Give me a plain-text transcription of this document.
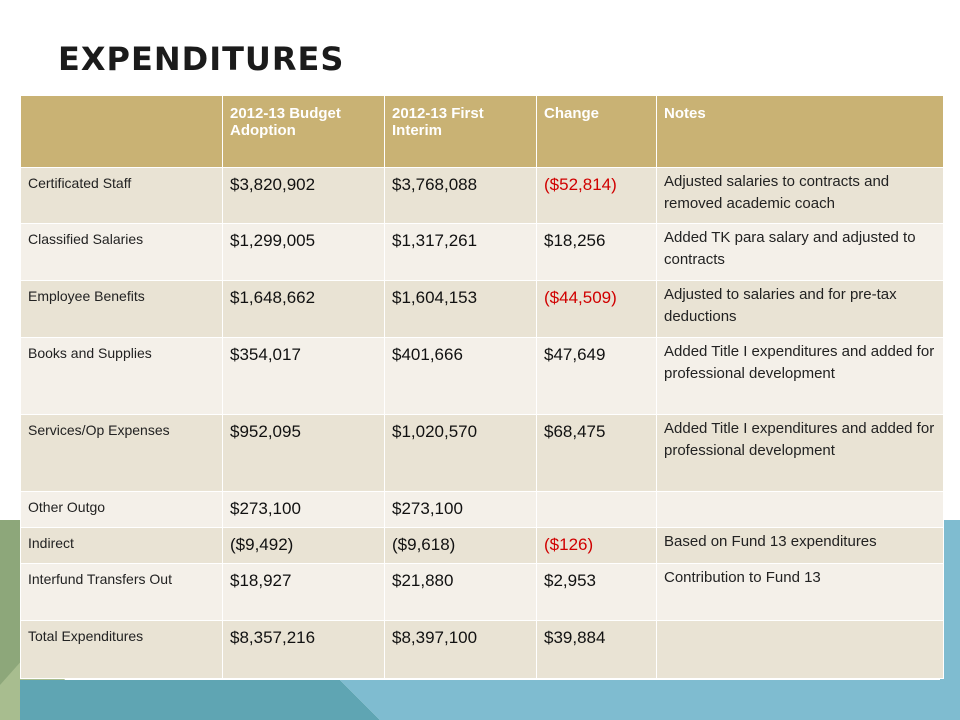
EXPENDITURES
	2012-13 Budget Adoption	2012-13 First Interim	Change	Notes
Certificated Staff	$3,820,902	$3,768,088	($52,814)	Adjusted salaries to contracts and removed academic coach
Classified Salaries	$1,299,005	$1,317,261	$18,256	Added TK para salary and adjusted to contracts
Employee Benefits	$1,648,662	$1,604,153	($44,509)	Adjusted to salaries and for pre-tax deductions
Books and Supplies	$354,017	$401,666	$47,649	Added Title I expenditures and added for professional development
Services/Op Expenses	$952,095	$1,020,570	$68,475	Added Title I expenditures and added for professional development
Other Outgo	$273,100	$273,100		
Indirect	($9,492)	($9,618)	($126)	Based on Fund 13 expenditures
Interfund Transfers Out	$18,927	$21,880	$2,953	Contribution to Fund 13
Total Expenditures	$8,357,216	$8,397,100	$39,884	
